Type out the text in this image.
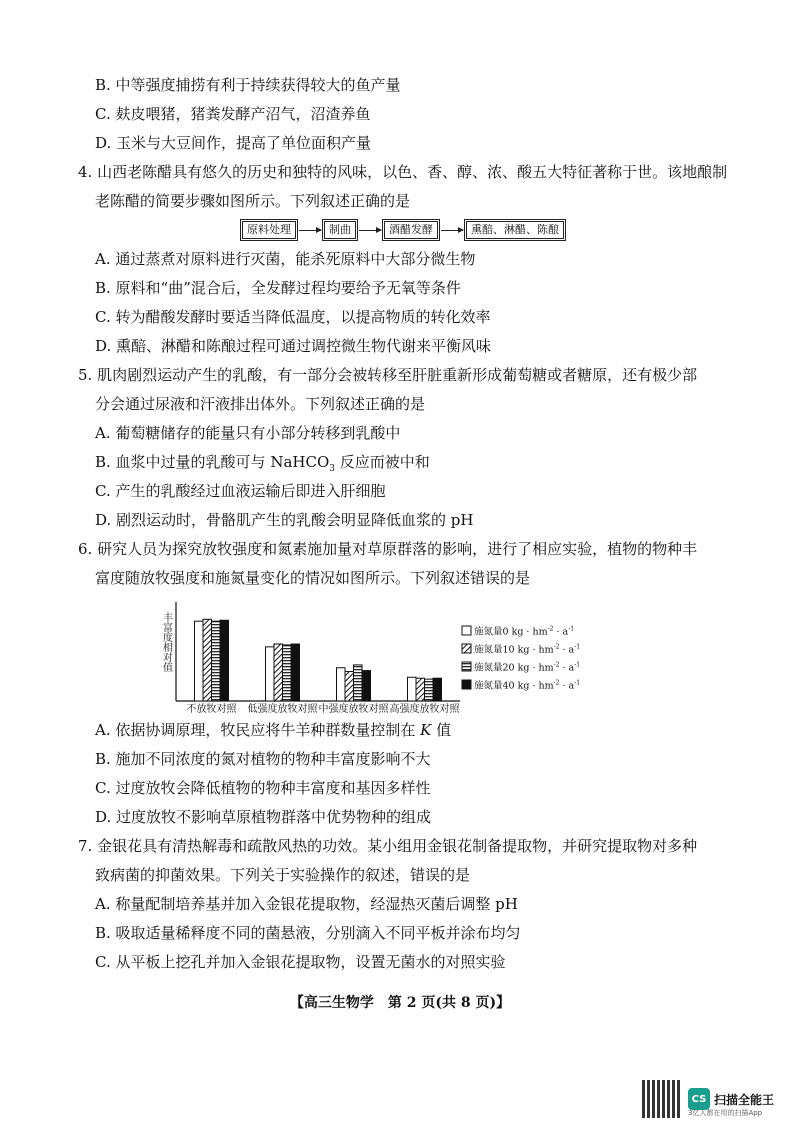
B. 中等强度捕捞有利于持续获得较大的鱼产量
C. 麸皮喂猪，猪粪发酵产沼气，沼渣养鱼
D. 玉米与大豆间作，提高了单位面积产量
4. 山西老陈醋具有悠久的历史和独特的风味，以色、香、醇、浓、酸五大特征著称于世。该地酿制
老陈醋的简要步骤如图所示。下列叙述正确的是
原料处理	制曲	酒醋发酵	熏醅、淋醋、陈酿
A. 通过蒸煮对原料进行灭菌，能杀死原料中大部分微生物
B. 原料和“曲”混合后，全发酵过程均要给予无氧等条件
C. 转为醋酸发酵时要适当降低温度，以提高物质的转化效率
D. 熏醅、淋醋和陈酿过程可通过调控微生物代谢来平衡风味
5. 肌肉剧烈运动产生的乳酸，有一部分会被转移至肝脏重新形成葡萄糖或者糖原，还有极少部
分会通过尿液和汗液排出体外。下列叙述正确的是
A. 葡萄糖储存的能量只有小部分转移到乳酸中
B. 血浆中过量的乳酸可与 NaHCO$_3$ 反应而被中和
C. 产生的乳酸经过血液运输后即进入肝细胞
D. 剧烈运动时，骨骼肌产生的乳酸会明显降低血浆的 pH
6. 研究人员为探究放牧强度和氮素施加量对草原群落的影响，进行了相应实验，植物的物种丰
富度随放牧强度和施氮量变化的情况如图所示。下列叙述错误的是
丰富度相对值
不放牧对照 低强度放牧对照 中强度放牧对照 高强度放牧对照
施氮量0 kg · $hm^{-2} \cdot a^{-1}$
施氮量10 kg · $hm^{-2} \cdot a^{-1}$
施氮量20 kg · $hm^{-2} \cdot a^{-1}$
施氮量40 kg · $hm^{-2} \cdot a^{-1}$
A. 依据协调原理，牧民应将牛羊种群数量控制在 K 值
B. 施加不同浓度的氮对植物的物种丰富度影响不大
C. 过度放牧会降低植物的物种丰富度和基因多样性
D. 过度放牧不影响草原植物群落中优势物种的组成
7. 金银花具有清热解毒和疏散风热的功效。某小组用金银花制备提取物，并研究提取物对多种
致病菌的抑菌效果。下列关于实验操作的叙述，错误的是
A. 称量配制培养基并加入金银花提取物，经湿热灭菌后调整 pH
B. 吸取适量稀释度不同的菌悬液，分别滴入不同平板并涂布均匀
C. 从平板上挖孔并加入金银花提取物，设置无菌水的对照实验
【高三生物学　第 2 页(共 8 页)】
CS 扫描全能王
3亿人都在用的扫描App
